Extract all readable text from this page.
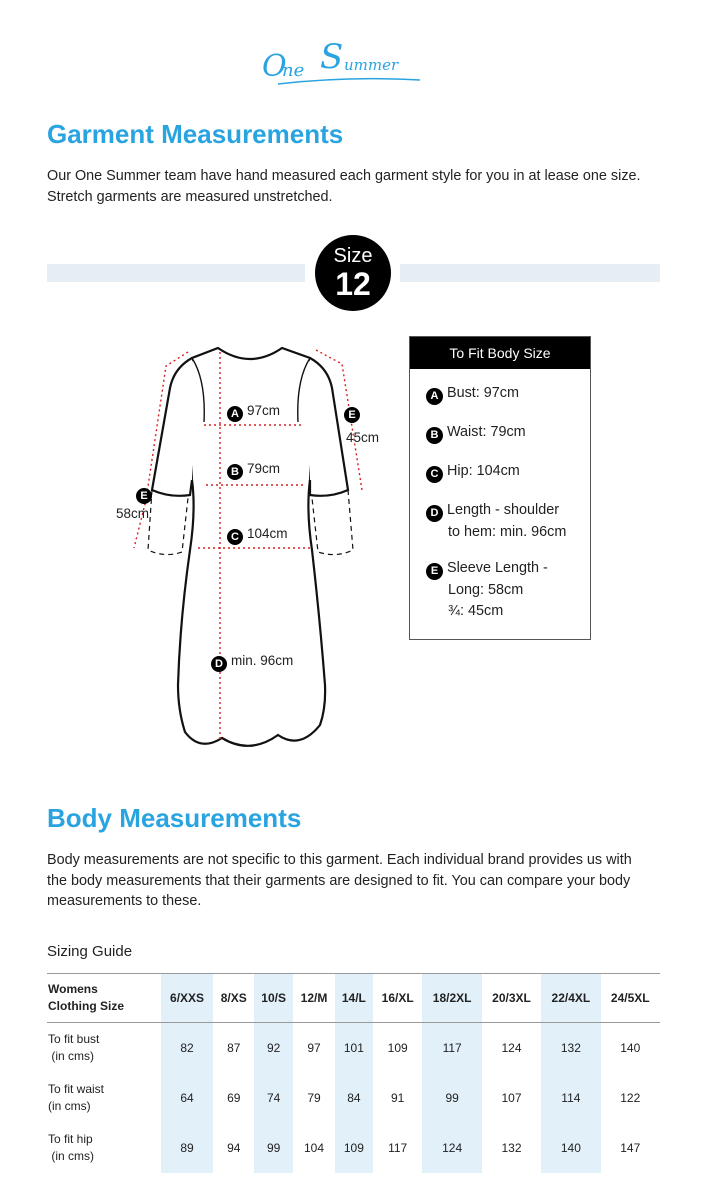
O
ne S ummer
Garment Measurements

Our One Summer team have hand measured each garment style for you in at lease one size.
Stretch garments are measured unstretched.

Size
12
A 97cm
B 79cm
C 104cm
D min. 96cm
E
45cm
E
58cm
To Fit Body Size
A Bust: 97cm
B Waist: 79cm
C Hip: 104cm
D Length - shoulder
to hem: min. 96cm
E Sleeve Length -
Long: 58cm
¾: 45cm
Body Measurements

Body measurements are not specific to this garment. Each individual brand provides us with
the body measurements that their garments are designed to fit. You can compare your body
measurements to these.

Sizing Guide

Womens
Clothing Size	6/XXS	8/XS	10/S	12/M	14/L	16/XL	18/2XL	20/3XL	22/4XL	24/5XL
To fit bust
(in cms)	82	87	92	97	101	109	117	124	132	140
To fit waist
(in cms)	64	69	74	79	84	91	99	107	114	122
To fit hip
(in cms)	89	94	99	104	109	117	124	132	140	147
